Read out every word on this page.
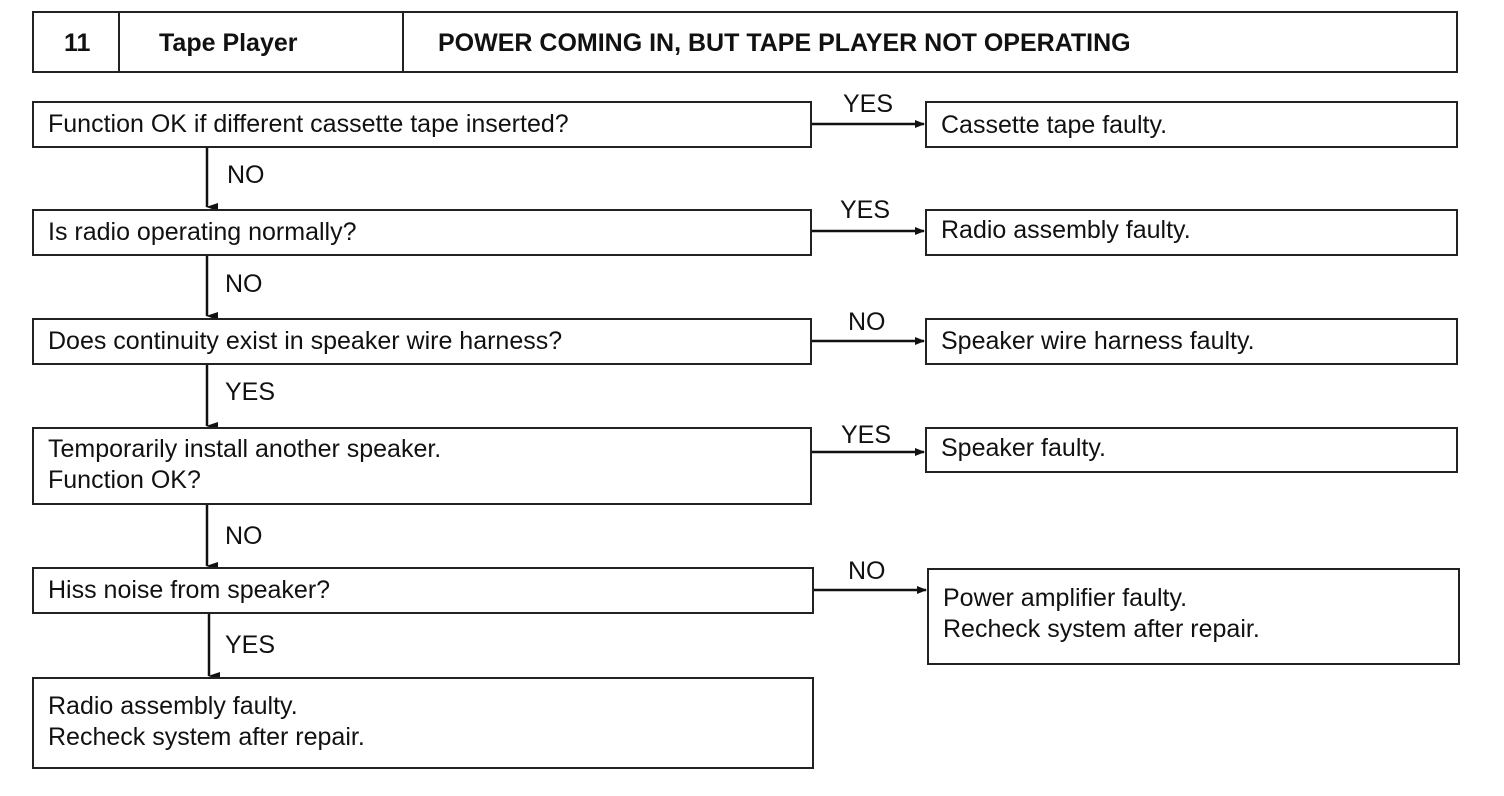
11	Tape Player	POWER COMING IN, BUT TAPE PLAYER NOT OPERATING
Function OK if different cassette tape inserted?
Is radio operating normally?
Does continuity exist in speaker wire harness?
Temporarily install another speaker.
Function OK?
Hiss noise from speaker?
Radio assembly faulty.
Recheck system after repair.
Cassette tape faulty.
Radio assembly faulty.
Speaker wire harness faulty.
Speaker faulty.
Power amplifier faulty.
Recheck system after repair.
YES
YES
NO
YES
NO
NO
NO
YES
NO
YES
